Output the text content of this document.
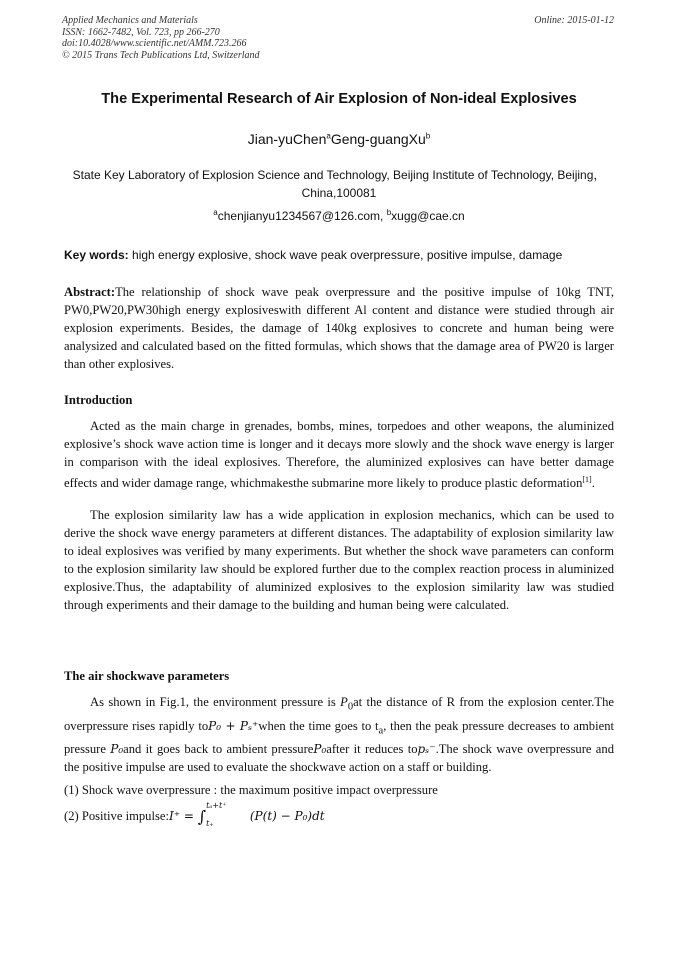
Applied Mechanics and Materials
ISSN: 1662-7482, Vol. 723, pp 266-270
doi:10.4028/www.scientific.net/AMM.723.266
© 2015 Trans Tech Publications Ltd, Switzerland
Online: 2015-01-12
The Experimental Research of Air Explosion of Non-ideal Explosives
Jian-yuChen$^a$Geng-guangXu$^b$
State Key Laboratory of Explosion Science and Technology, Beijing Institute of Technology, Beijing，China,100081
$^a$chenjianyu1234567@126.com, $^b$xugg@cae.cn
Key words: high energy explosive, shock wave peak overpressure, positive impulse, damage
Abstract:The relationship of shock wave peak overpressure and the positive impulse of 10kg TNT, PW0,PW20,PW30high energy explosiveswith different Al content and distance were studied through air explosion experiments. Besides, the damage of 140kg explosives to concrete and human being were analysized and calculated based on the fitted formulas, which shows that the damage area of PW20 is larger than other explosives.
Introduction

Acted as the main charge in grenades, bombs, mines, torpedoes and other weapons, the aluminized explosive’s shock wave action time is longer and it decays more slowly and the shock wave energy is larger in comparison with the ideal explosives. Therefore, the aluminized explosives can have better damage effects and wider damage range, whichmakesthe submarine more likely to produce plastic deformation[1].

The explosion similarity law has a wide application in explosion mechanics, which can be used to derive the shock wave energy parameters at different distances. The adaptability of explosion similarity law to ideal explosives was verified by many experiments. But whether the shock wave parameters can conform to the explosion similarity law should be explored further due to the complex reaction process in aluminized explosive.Thus, the adaptability of aluminized explosives to the explosion similarity law was studied through experiments and their damage to the building and human being were calculated.

The air shockwave parameters

As shown in Fig.1, the environment pressure is $P_0at$ the distance of R from the explosion center.The overpressure rises rapidly toP₀ + Pₛ⁺when the time goes to $t_a$, then the peak pressure decreases to ambient pressure P₀and it goes back to ambient pressureP₀after it reduces topₛ⁻.The shock wave overpressure and the positive impulse are used to evaluate the shockwave action on a staff or building.

(1) Shock wave overpressure : the maximum positive impact overpressure
(2) Positive impulse:I⁺ = ∫
tₐ+t⁺
t₊
(P(t) − P₀)dt
